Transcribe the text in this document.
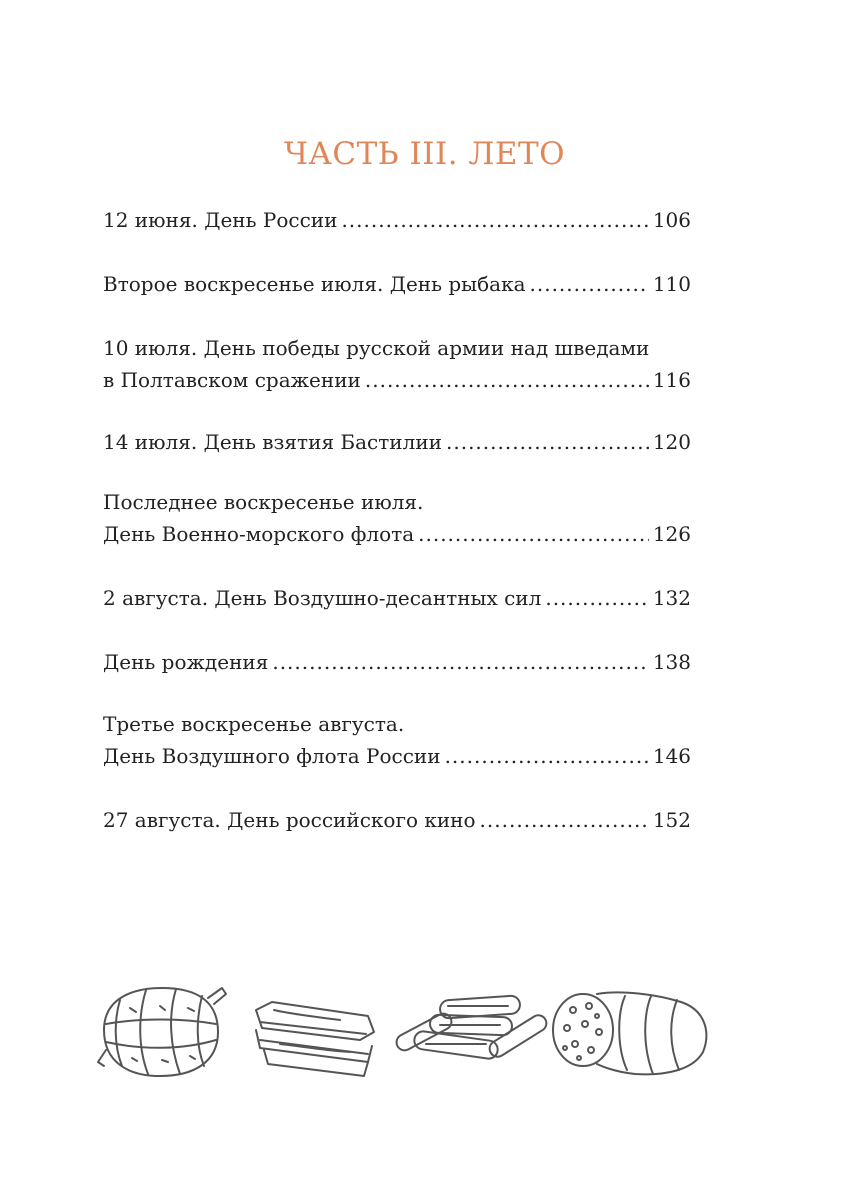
ЧАСТЬ III. ЛЕТО
12 июня. День России .....	106
Второе воскресенье июля. День рыбака .....	110
10 июля. День победы русской армии над шведами
в Полтавском сражении .....	116
14 июля. День взятия Бастилии .....	120
Последнее воскресенье июля.
День Военно-морского флота .....	126
2 августа. День Воздушно-десантных сил .....	132
День рождения .....	138
Третье воскресенье августа.
День Воздушного флота России .....	146
27 августа. День российского кино .....	152
